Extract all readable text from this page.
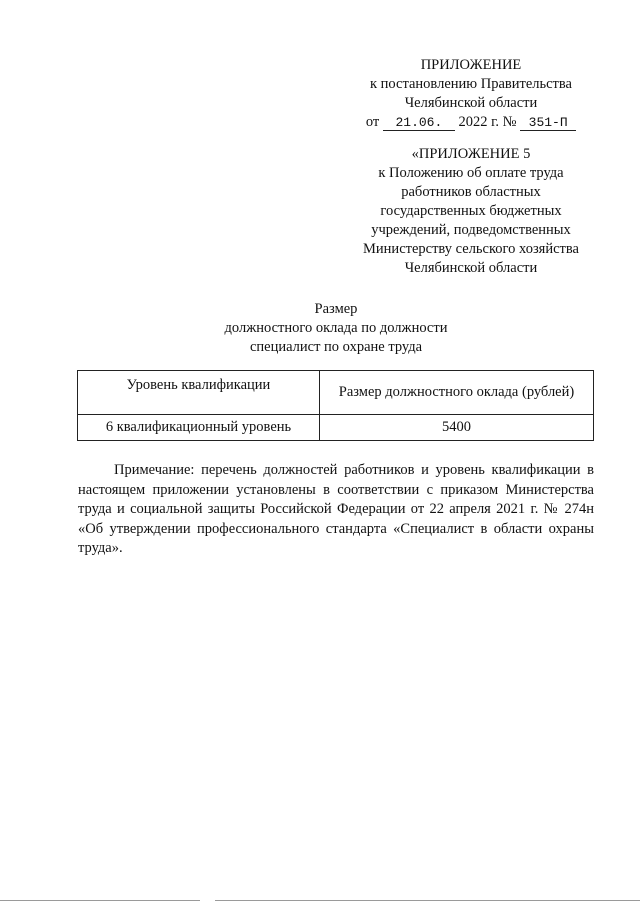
ПРИЛОЖЕНИЕ
к постановлению Правительства
Челябинской области
от 21.06. 2022 г. № 351-П
«ПРИЛОЖЕНИЕ 5
к Положению об оплате труда
работников областных
государственных бюджетных
учреждений, подведомственных
Министерству сельского хозяйства
Челябинской области
Размер
должностного оклада по должности
специалист по охране труда
Уровень квалификации	Размер должностного оклада (рублей)
6 квалификационный уровень	5400

Примечание: перечень должностей работников и уровень квалификации в настоящем приложении установлены в соответствии с приказом Министерства труда и социальной защиты Российской Федерации от 22 апреля 2021 г. № 274н «Об утверждении профессионального стандарта «Специалист в области охраны труда».
